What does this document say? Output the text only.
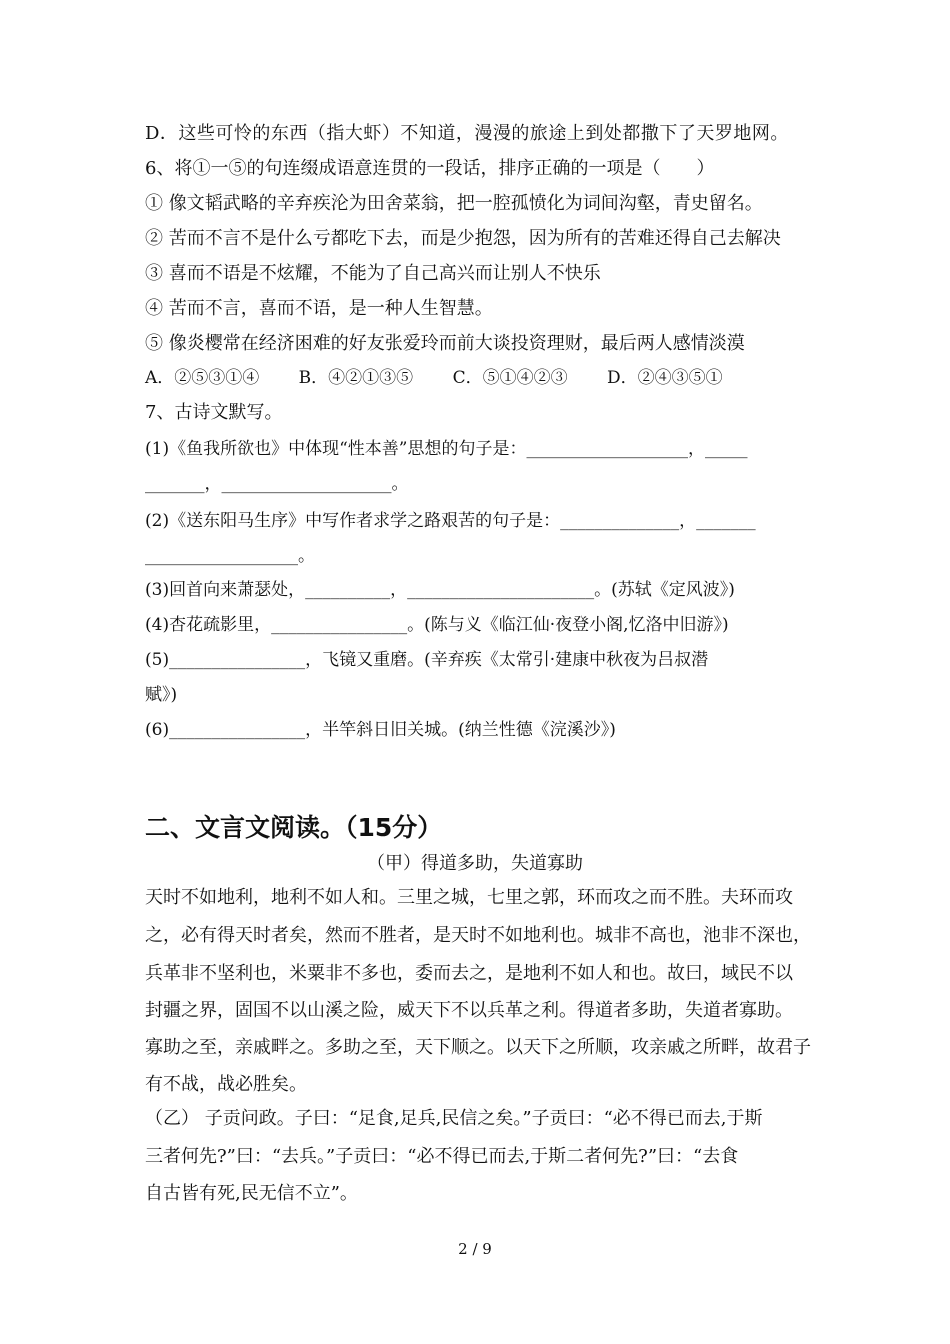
D．这些可怜的东西（指大虾）不知道，漫漫的旅途上到处都撒下了天罗地网。
6、将①一⑤的句连缀成语意连贯的一段话，排序正确的一项是（　　）
① 像文韬武略的辛弃疾沦为田舍菜翁，把一腔孤愤化为词间沟壑，青史留名。
② 苦而不言不是什么亏都吃下去，而是少抱怨，因为所有的苦难还得自己去解决
③ 喜而不语是不炫耀，不能为了自己高兴而让别人不快乐
④ 苦而不言，喜而不语，是一种人生智慧。
⑤ 像炎樱常在经济困难的好友张爱玲而前大谈投资理财，最后两人感情淡漠
A．②⑤③①④　　 B．④②①③⑤　　 C．⑤①④②③　　 D．②④③⑤①
7、古诗文默写。
(1)《鱼我所欲也》中体现“性本善”思想的句子是：___________________，_____
_______，____________________。
(2)《送东阳马生序》中写作者求学之路艰苦的句子是：______________，_______
__________________。
(3)回首向来萧瑟处，__________，______________________。(苏轼《定风波》)
(4)杏花疏影里，________________。(陈与义《临江仙·夜登小阁,忆洛中旧游》)
(5)________________，飞镜又重磨。(辛弃疾《太常引·建康中秋夜为吕叔潜
赋》)
(6)________________，半竿斜日旧关城。(纳兰性德《浣溪沙》)
二、文言文阅读。（15分）
（甲）得道多助，失道寡助
天时不如地利，地利不如人和。三里之城，七里之郭，环而攻之而不胜。夫环而攻
之，必有得天时者矣，然而不胜者，是天时不如地利也。城非不高也，池非不深也，
兵革非不坚利也，米粟非不多也，委而去之，是地利不如人和也。故曰，域民不以
封疆之界，固国不以山溪之险，威天下不以兵革之利。得道者多助，失道者寡助。
寡助之至，亲戚畔之。多助之至，天下顺之。以天下之所顺，攻亲戚之所畔，故君子
有不战，战必胜矣。
（乙） 子贡问政。子曰：“足食,足兵,民信之矣。”子贡曰：“必不得已而去,于斯
三者何先?”曰：“去兵。”子贡曰：“必不得已而去,于斯二者何先?”曰：“去食
自古皆有死,民无信不立”。
2 / 9
